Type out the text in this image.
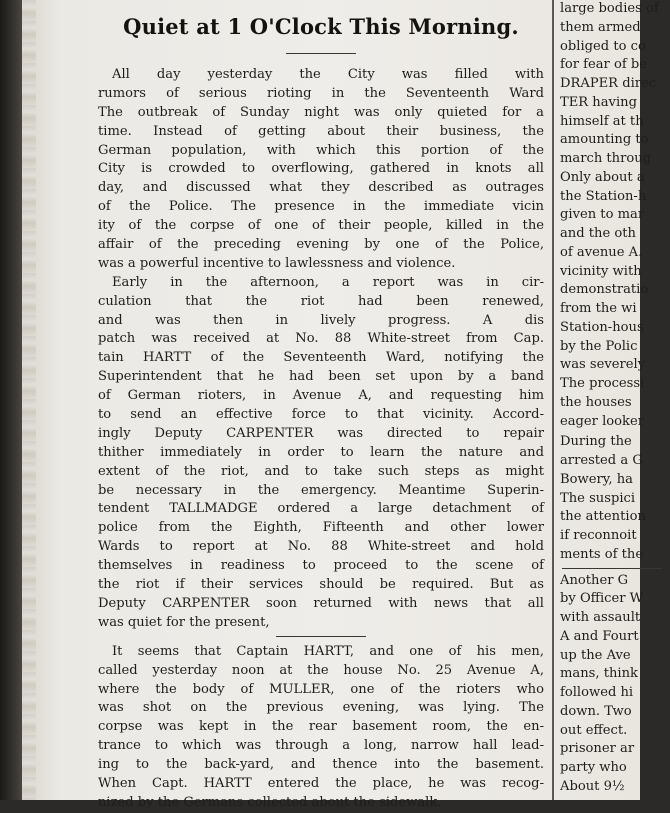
Quiet at 1 O'Clock This Morning.
All day yesterday the City was filled with
rumors of serious rioting in the Seventeenth Ward
The outbreak of Sunday night was only quieted for a
time. Instead of getting about their business, the
German population, with which this portion of the
City is crowded to overflowing, gathered in knots all
day, and discussed what they described as outrages
of the Police. The presence in the immediate vicin
ity of the corpse of one of their people, killed in the
affair of the preceding evening by one of the Police,
was a powerful incentive to lawlessness and violence.
Early in the afternoon, a report was in cir-
culation that the riot had been renewed,
and was then in lively progress. A dis
patch was received at No. 88 White-street from Cap.
tain HARTT of the Seventeenth Ward, notifying the
Superintendent that he had been set upon by a band
of German rioters, in Avenue A, and requesting him
to send an effective force to that vicinity. Accord-
ingly Deputy CARPENTER was directed to repair
thither immediately in order to learn the nature and
extent of the riot, and to take such steps as might
be necessary in the emergency. Meantime Superin-
tendent TALLMADGE ordered a large detachment of
police from the Eighth, Fifteenth and other lower
Wards to report at No. 88 White-street and hold
themselves in readiness to proceed to the scene of
the riot if their services should be required. But as
Deputy CARPENTER soon returned with news that all
was quiet for the present,
It seems that Captain HARTT, and one of his men,
called yesterday noon at the house No. 25 Avenue A,
where the body of MULLER, one of the rioters who
was shot on the previous evening, was lying. The
corpse was kept in the rear basement room, the en-
trance to which was through a long, narrow hall lead-
ing to the back-yard, and thence into the basement.
When Capt. HARTT entered the place, he was recog-
nized by the Germans collected about the sidewalk.
large bodies of
them armed
obliged to co
for fear of be
DRAPER direc
TER having
himself at th
amounting to
march throug
Only about a
the Station-h
given to mar
and the oth
of avenue A.
vicinity with
demonstratio
from the wi
Station-hous
by the Polic
was severely
The processi
the houses
eager looker
During the
arrested a G
Bowery, ha
The suspici
the attention
if reconnoit
ments of the
Another G
by Officer W
with assault
A and Fourt
up the Ave
mans, think
followed hi
down. Two
out effect.
prisoner ar
party who
About 9½
